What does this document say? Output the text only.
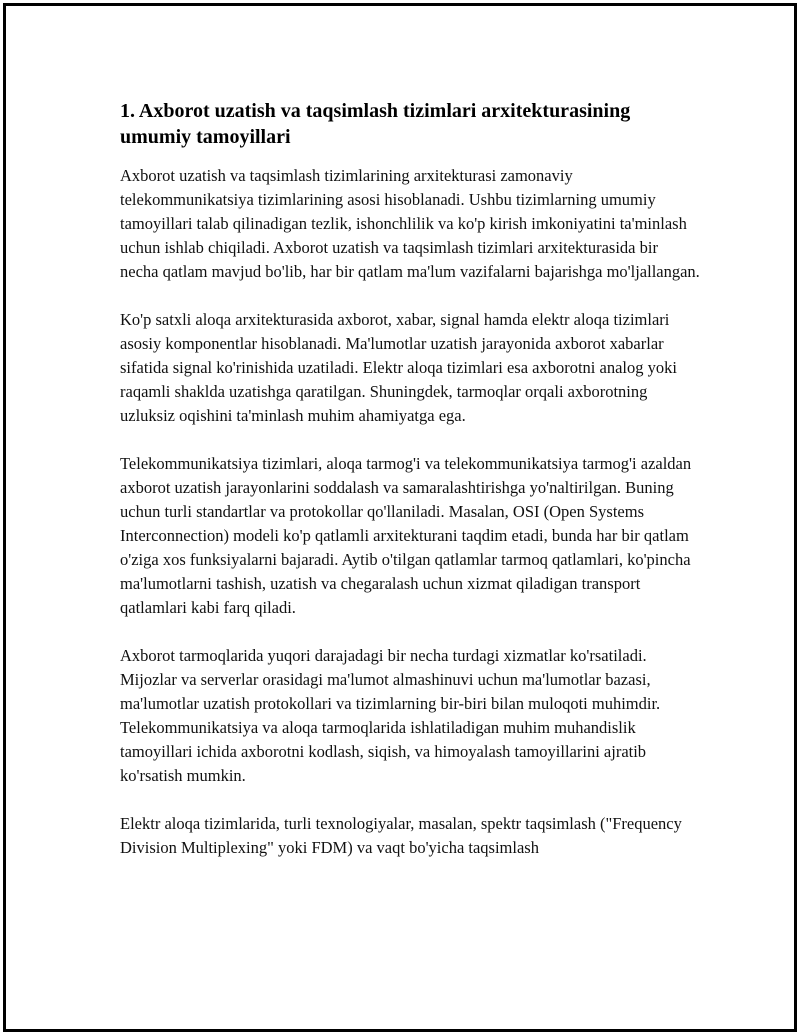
1. Axborot uzatish va taqsimlash tizimlari arxitekturasining umumiy tamoyillari

Axborot uzatish va taqsimlash tizimlarining arxitekturasi zamonaviy telekommunikatsiya tizimlarining asosi hisoblanadi. Ushbu tizimlarning umumiy tamoyillari talab qilinadigan tezlik, ishonchlilik va ko'p kirish imkoniyatini ta'minlash uchun ishlab chiqiladi. Axborot uzatish va taqsimlash tizimlari arxitekturasida bir necha qatlam mavjud bo'lib, har bir qatlam ma'lum vazifalarni bajarishga mo'ljallangan.

Ko'p satxli aloqa arxitekturasida axborot, xabar, signal hamda elektr aloqa tizimlari asosiy komponentlar hisoblanadi. Ma'lumotlar uzatish jarayonida axborot xabarlar sifatida signal ko'rinishida uzatiladi. Elektr aloqa tizimlari esa axborotni analog yoki raqamli shaklda uzatishga qaratilgan. Shuningdek, tarmoqlar orqali axborotning uzluksiz oqishini ta'minlash muhim ahamiyatga ega.

Telekommunikatsiya tizimlari, aloqa tarmog'i va telekommunikatsiya tarmog'i azaldan axborot uzatish jarayonlarini soddalash va samaralashtirishga yo'naltirilgan. Buning uchun turli standartlar va protokollar qo'llaniladi. Masalan, OSI (Open Systems Interconnection) modeli ko'p qatlamli arxitekturani taqdim etadi, bunda har bir qatlam o'ziga xos funksiyalarni bajaradi. Aytib o'tilgan qatlamlar tarmoq qatlamlari, ko'pincha ma'lumotlarni tashish, uzatish va chegaralash uchun xizmat qiladigan transport qatlamlari kabi farq qiladi.

Axborot tarmoqlarida yuqori darajadagi bir necha turdagi xizmatlar ko'rsatiladi. Mijozlar va serverlar orasidagi ma'lumot almashinuvi uchun ma'lumotlar bazasi, ma'lumotlar uzatish protokollari va tizimlarning bir-biri bilan muloqoti muhimdir. Telekommunikatsiya va aloqa tarmoqlarida ishlatiladigan muhim muhandislik tamoyillari ichida axborotni kodlash, siqish, va himoyalash tamoyillarini ajratib ko'rsatish mumkin.

Elektr aloqa tizimlarida, turli texnologiyalar, masalan, spektr taqsimlash ("Frequency Division Multiplexing" yoki FDM) va vaqt bo'yicha taqsimlash
